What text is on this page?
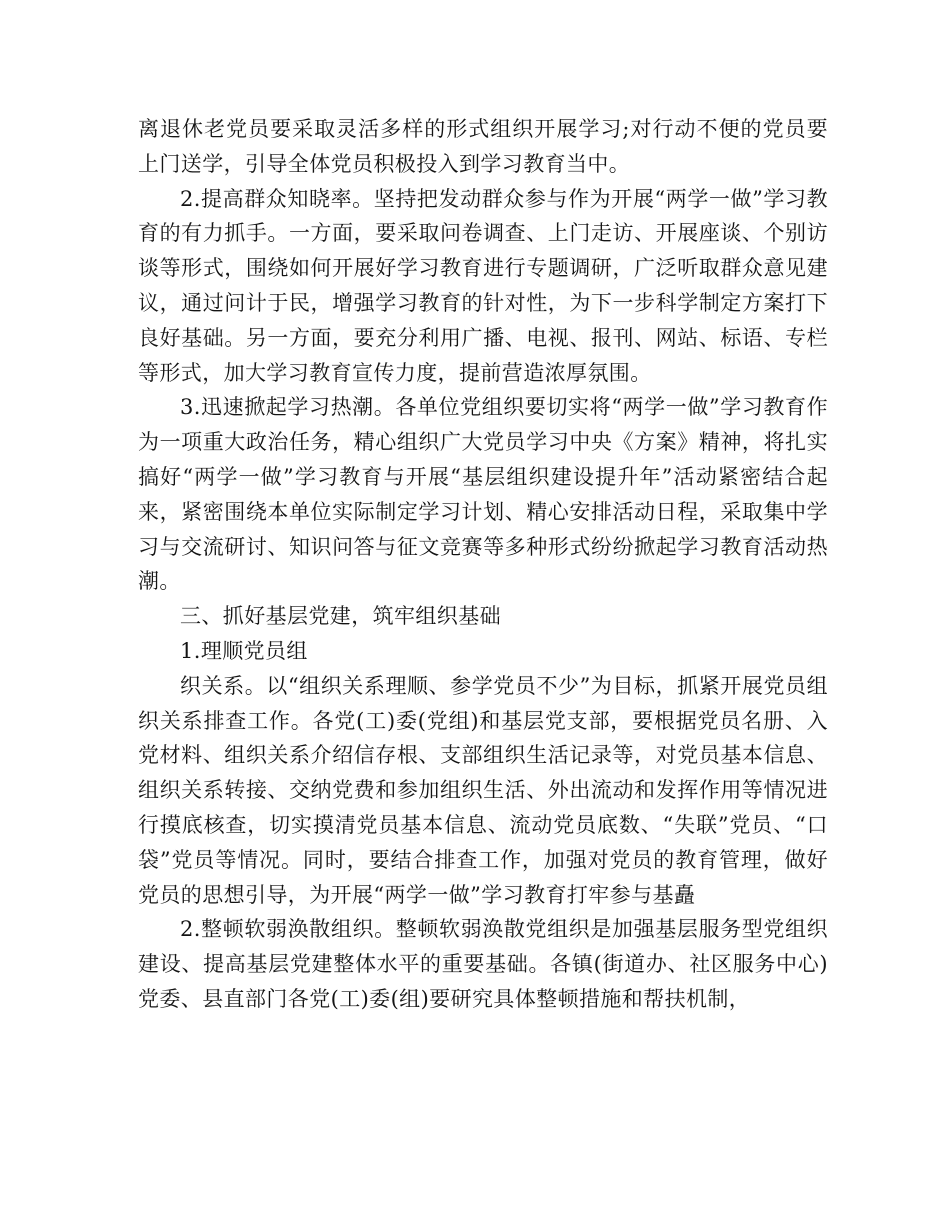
离退休老党员要采取灵活多样的形式组织开展学习;对行动不便的党员要上门送学，引导全体党员积极投入到学习教育当中。

2.提高群众知晓率。坚持把发动群众参与作为开展“两学一做”学习教育的有力抓手。一方面，要采取问卷调查、上门走访、开展座谈、个别访谈等形式，围绕如何开展好学习教育进行专题调研，广泛听取群众意见建议，通过问计于民，增强学习教育的针对性，为下一步科学制定方案打下良好基础。另一方面，要充分利用广播、电视、报刊、网站、标语、专栏等形式，加大学习教育宣传力度，提前营造浓厚氛围。

3.迅速掀起学习热潮。各单位党组织要切实将“两学一做”学习教育作为一项重大政治任务，精心组织广大党员学习中央《方案》精神，将扎实搞好“两学一做”学习教育与开展“基层组织建设提升年”活动紧密结合起来，紧密围绕本单位实际制定学习计划、精心安排活动日程，采取集中学习与交流研讨、知识问答与征文竞赛等多种形式纷纷掀起学习教育活动热潮。

三、抓好基层党建，筑牢组织基础

1.理顺党员组

织关系。以“组织关系理顺、参学党员不少”为目标，抓紧开展党员组织关系排查工作。各党(工)委(党组)和基层党支部，要根据党员名册、入党材料、组织关系介绍信存根、支部组织生活记录等，对党员基本信息、组织关系转接、交纳党费和参加组织生活、外出流动和发挥作用等情况进行摸底核查，切实摸清党员基本信息、流动党员底数、“失联”党员、“口袋”党员等情况。同时，要结合排查工作，加强对党员的教育管理，做好党员的思想引导，为开展“两学一做”学习教育打牢参与基矗

2.整顿软弱涣散组织。整顿软弱涣散党组织是加强基层服务型党组织建设、提高基层党建整体水平的重要基础。各镇(街道办、社区服务中心)党委、县直部门各党(工)委(组)要研究具体整顿措施和帮扶机制，
